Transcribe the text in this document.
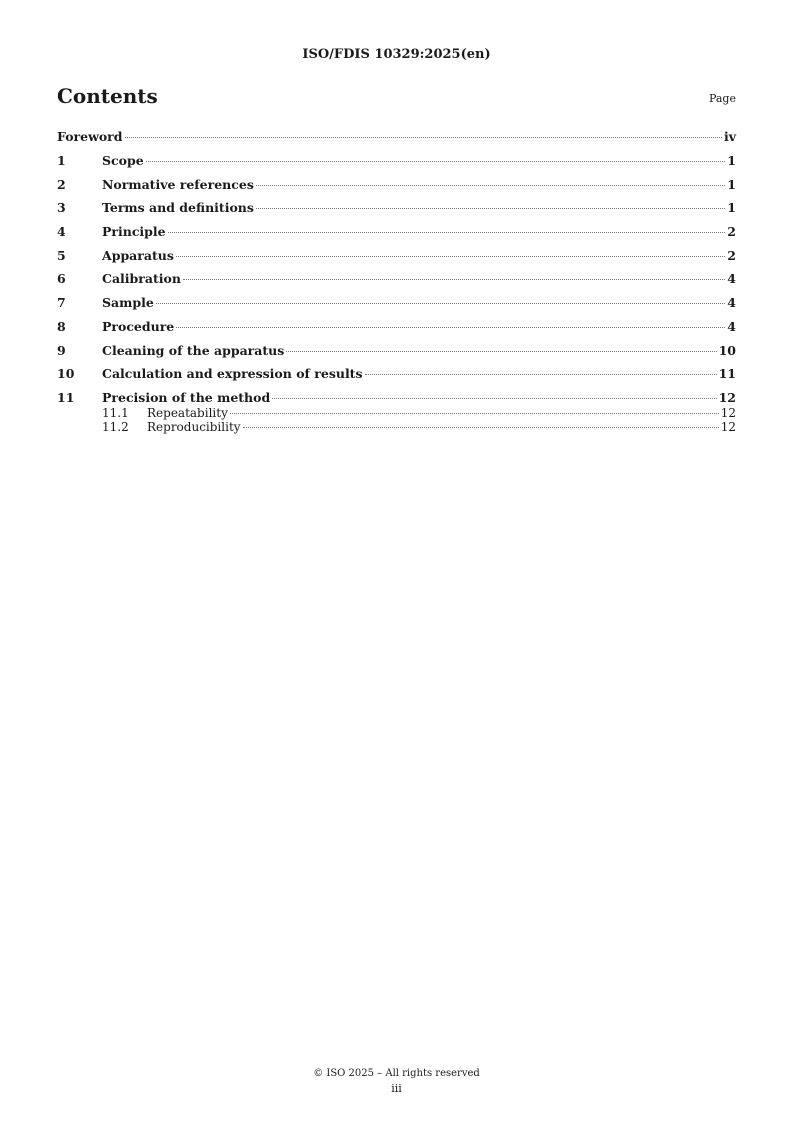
ISO/FDIS 10329:2025(en)
Contents	Page
Foreword	iv
1	Scope	1
2	Normative references	1
3	Terms and definitions	1
4	Principle	2
5	Apparatus	2
6	Calibration	4
7	Sample	4
8	Procedure	4
9	Cleaning of the apparatus	10
10	Calculation and expression of results	11
11	Precision of the method	12
11.1	Repeatability	12
11.2	Reproducibility	12
© ISO 2025 – All rights reserved
iii
